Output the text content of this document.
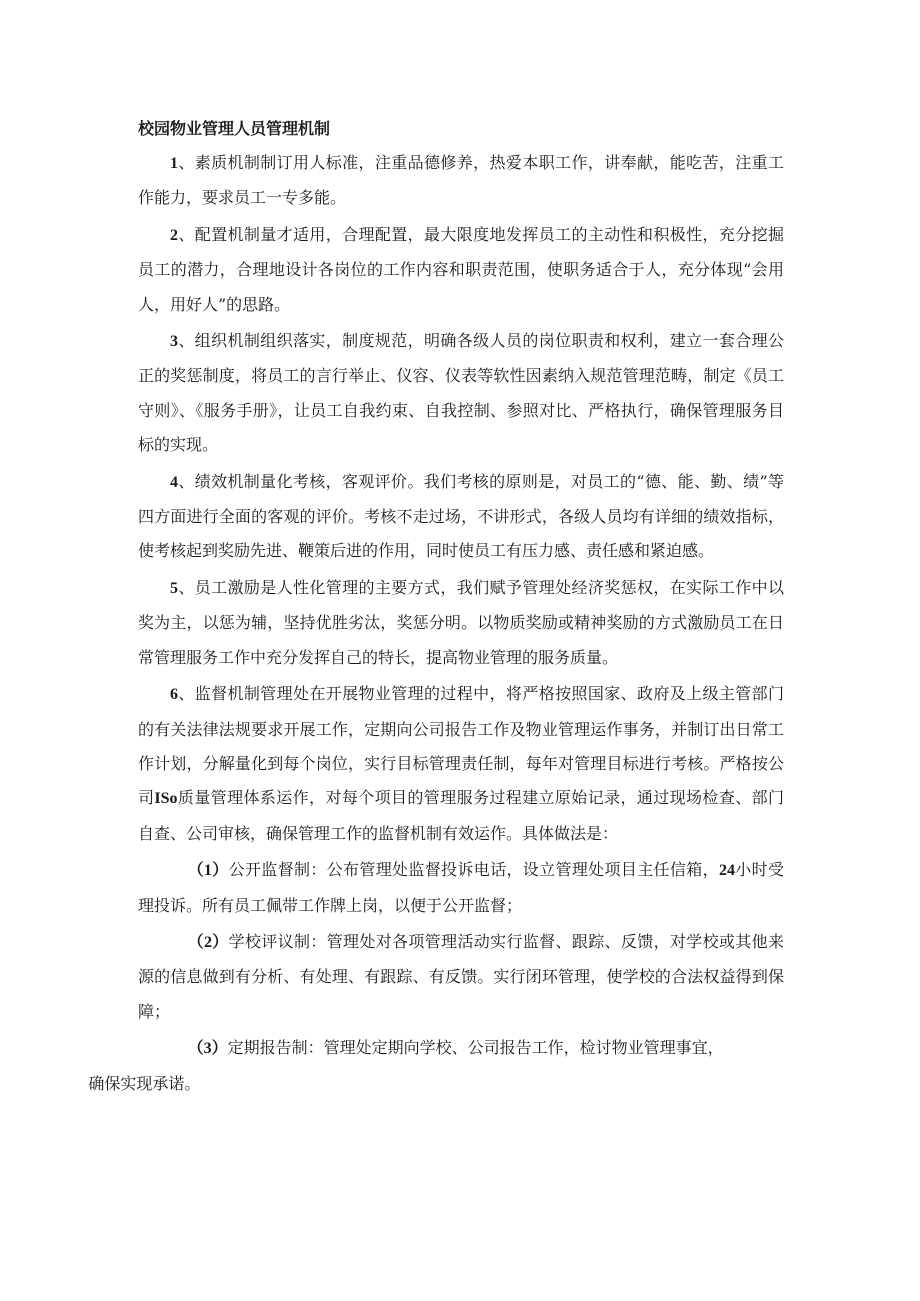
校园物业管理人员管理机制

1、素质机制制订用人标准，注重品德修养，热爱本职工作，讲奉献，能吃苦，注重工作能力，要求员工一专多能。

2、配置机制量才适用，合理配置，最大限度地发挥员工的主动性和积极性，充分挖掘员工的潜力，合理地设计各岗位的工作内容和职责范围，使职务适合于人，充分体现“会用人，用好人”的思路。

3、组织机制组织落实，制度规范，明确各级人员的岗位职责和权利，建立一套合理公正的奖惩制度，将员工的言行举止、仪容、仪表等软性因素纳入规范管理范畴，制定《员工守则》、《服务手册》，让员工自我约束、自我控制、参照对比、严格执行，确保管理服务目标的实现。

4、绩效机制量化考核，客观评价。我们考核的原则是，对员工的“德、能、勤、绩”等四方面进行全面的客观的评价。考核不走过场，不讲形式，各级人员均有详细的绩效指标，使考核起到奖励先进、鞭策后进的作用，同时使员工有压力感、责任感和紧迫感。

5、员工激励是人性化管理的主要方式，我们赋予管理处经济奖惩权，在实际工作中以奖为主，以惩为辅，坚持优胜劣汰，奖惩分明。以物质奖励或精神奖励的方式激励员工在日常管理服务工作中充分发挥自己的特长，提高物业管理的服务质量。

6、监督机制管理处在开展物业管理的过程中，将严格按照国家、政府及上级主管部门的有关法律法规要求开展工作，定期向公司报告工作及物业管理运作事务，并制订出日常工作计划，分解量化到每个岗位，实行目标管理责任制，每年对管理目标进行考核。严格按公司ISo质量管理体系运作，对每个项目的管理服务过程建立原始记录，通过现场检查、部门自查、公司审核，确保管理工作的监督机制有效运作。具体做法是：

（1）公开监督制：公布管理处监督投诉电话，设立管理处项目主任信箱，24小时受理投诉。所有员工佩带工作牌上岗，以便于公开监督；

（2）学校评议制：管理处对各项管理活动实行监督、跟踪、反馈，对学校或其他来源的信息做到有分析、有处理、有跟踪、有反馈。实行闭环管理，使学校的合法权益得到保障；

（3）定期报告制：管理处定期向学校、公司报告工作，检讨物业管理事宜，
确保实现承诺。
